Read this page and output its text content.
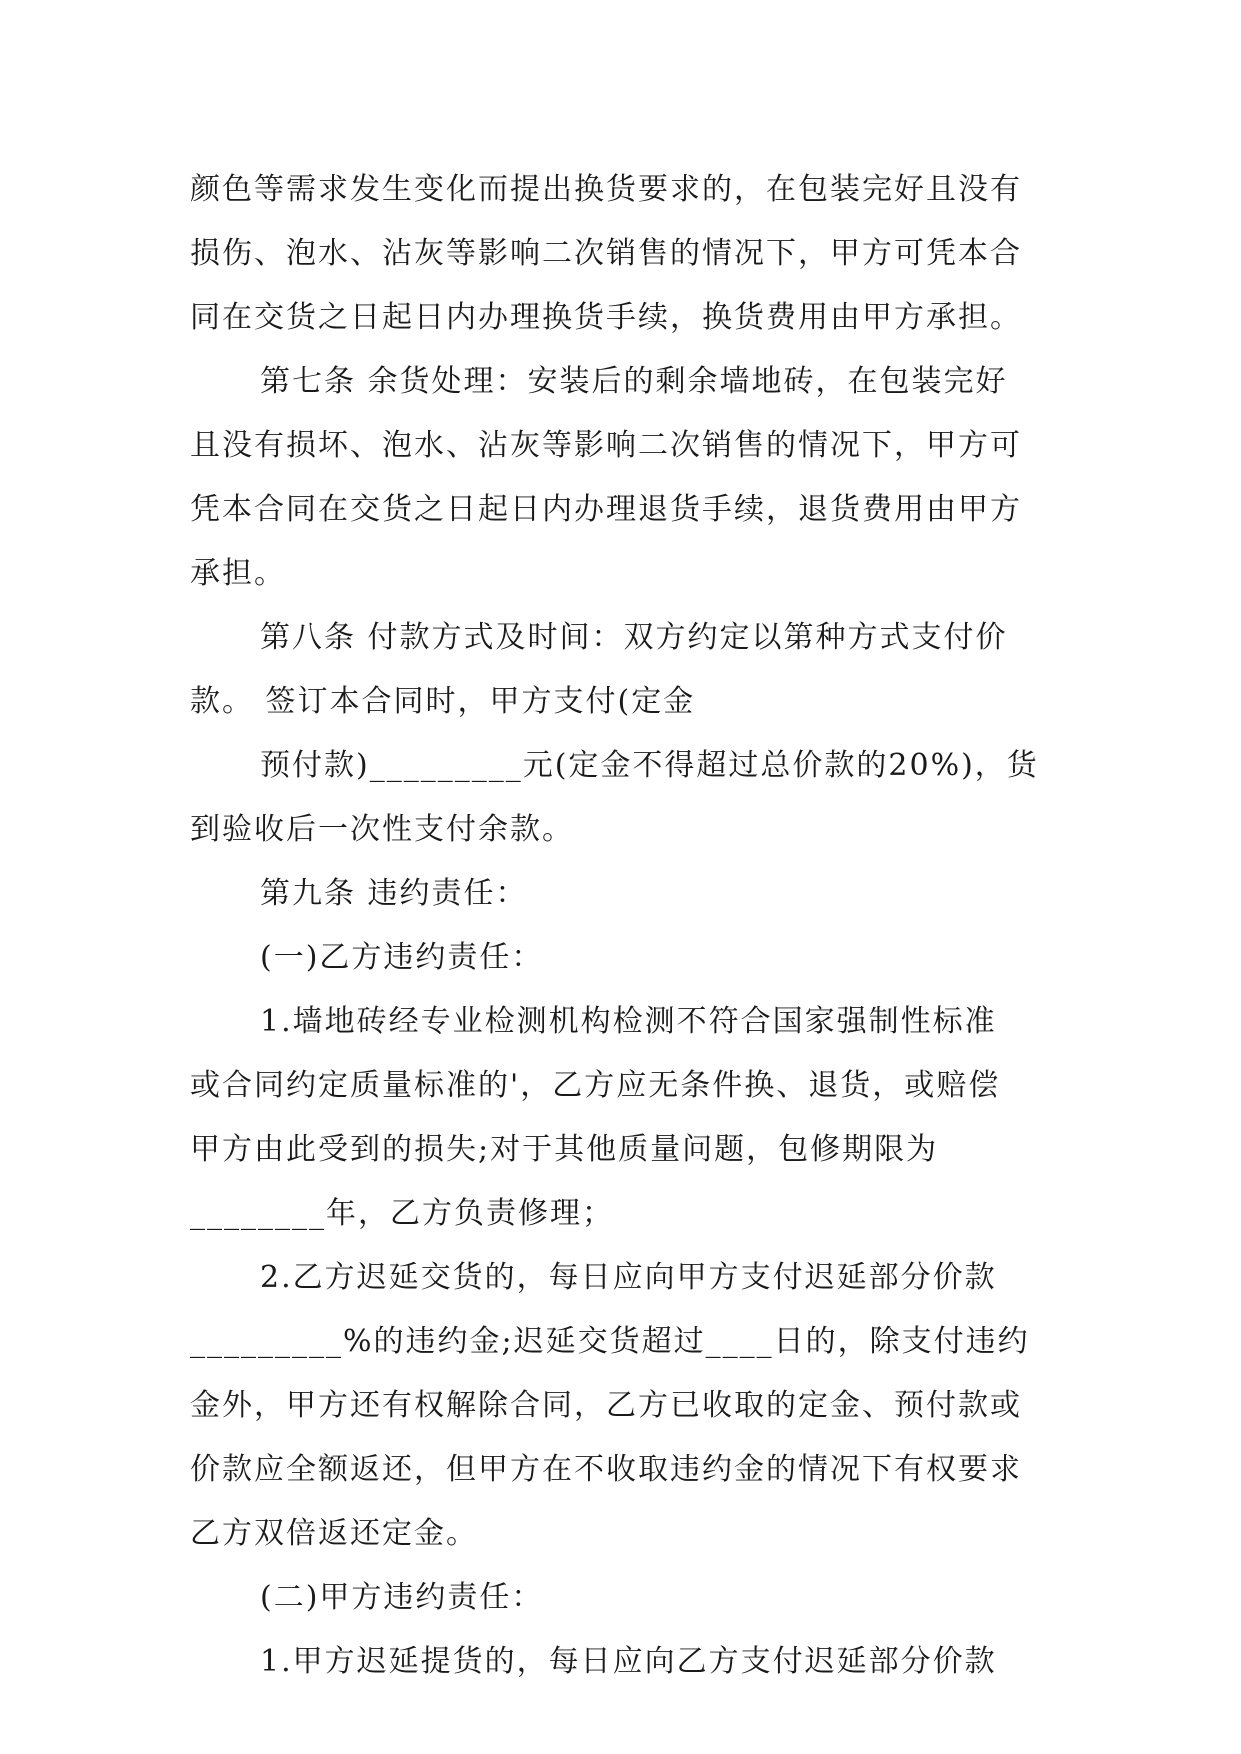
颜色等需求发生变化而提出换货要求的，在包装完好且没有
损伤、泡水、沾灰等影响二次销售的情况下，甲方可凭本合
同在交货之日起日内办理换货手续，换货费用由甲方承担。
第七条 余货处理：安装后的剩余墙地砖，在包装完好
且没有损坏、泡水、沾灰等影响二次销售的情况下，甲方可
凭本合同在交货之日起日内办理退货手续，退货费用由甲方
承担。
第八条 付款方式及时间：双方约定以第种方式支付价
款。 签订本合同时，甲方支付(定金
预付款)_________元(定金不得超过总价款的20%)，货
到验收后一次性支付余款。
第九条 违约责任：
(一)乙方违约责任：
1.墙地砖经专业检测机构检测不符合国家强制性标准
或合同约定质量标准的'，乙方应无条件换、退货，或赔偿
甲方由此受到的损失;对于其他质量问题，包修期限为
________年，乙方负责修理；
2.乙方迟延交货的，每日应向甲方支付迟延部分价款
_________%的违约金;迟延交货超过____日的，除支付违约
金外，甲方还有权解除合同，乙方已收取的定金、预付款或
价款应全额返还，但甲方在不收取违约金的情况下有权要求
乙方双倍返还定金。
(二)甲方违约责任：
1.甲方迟延提货的，每日应向乙方支付迟延部分价款
